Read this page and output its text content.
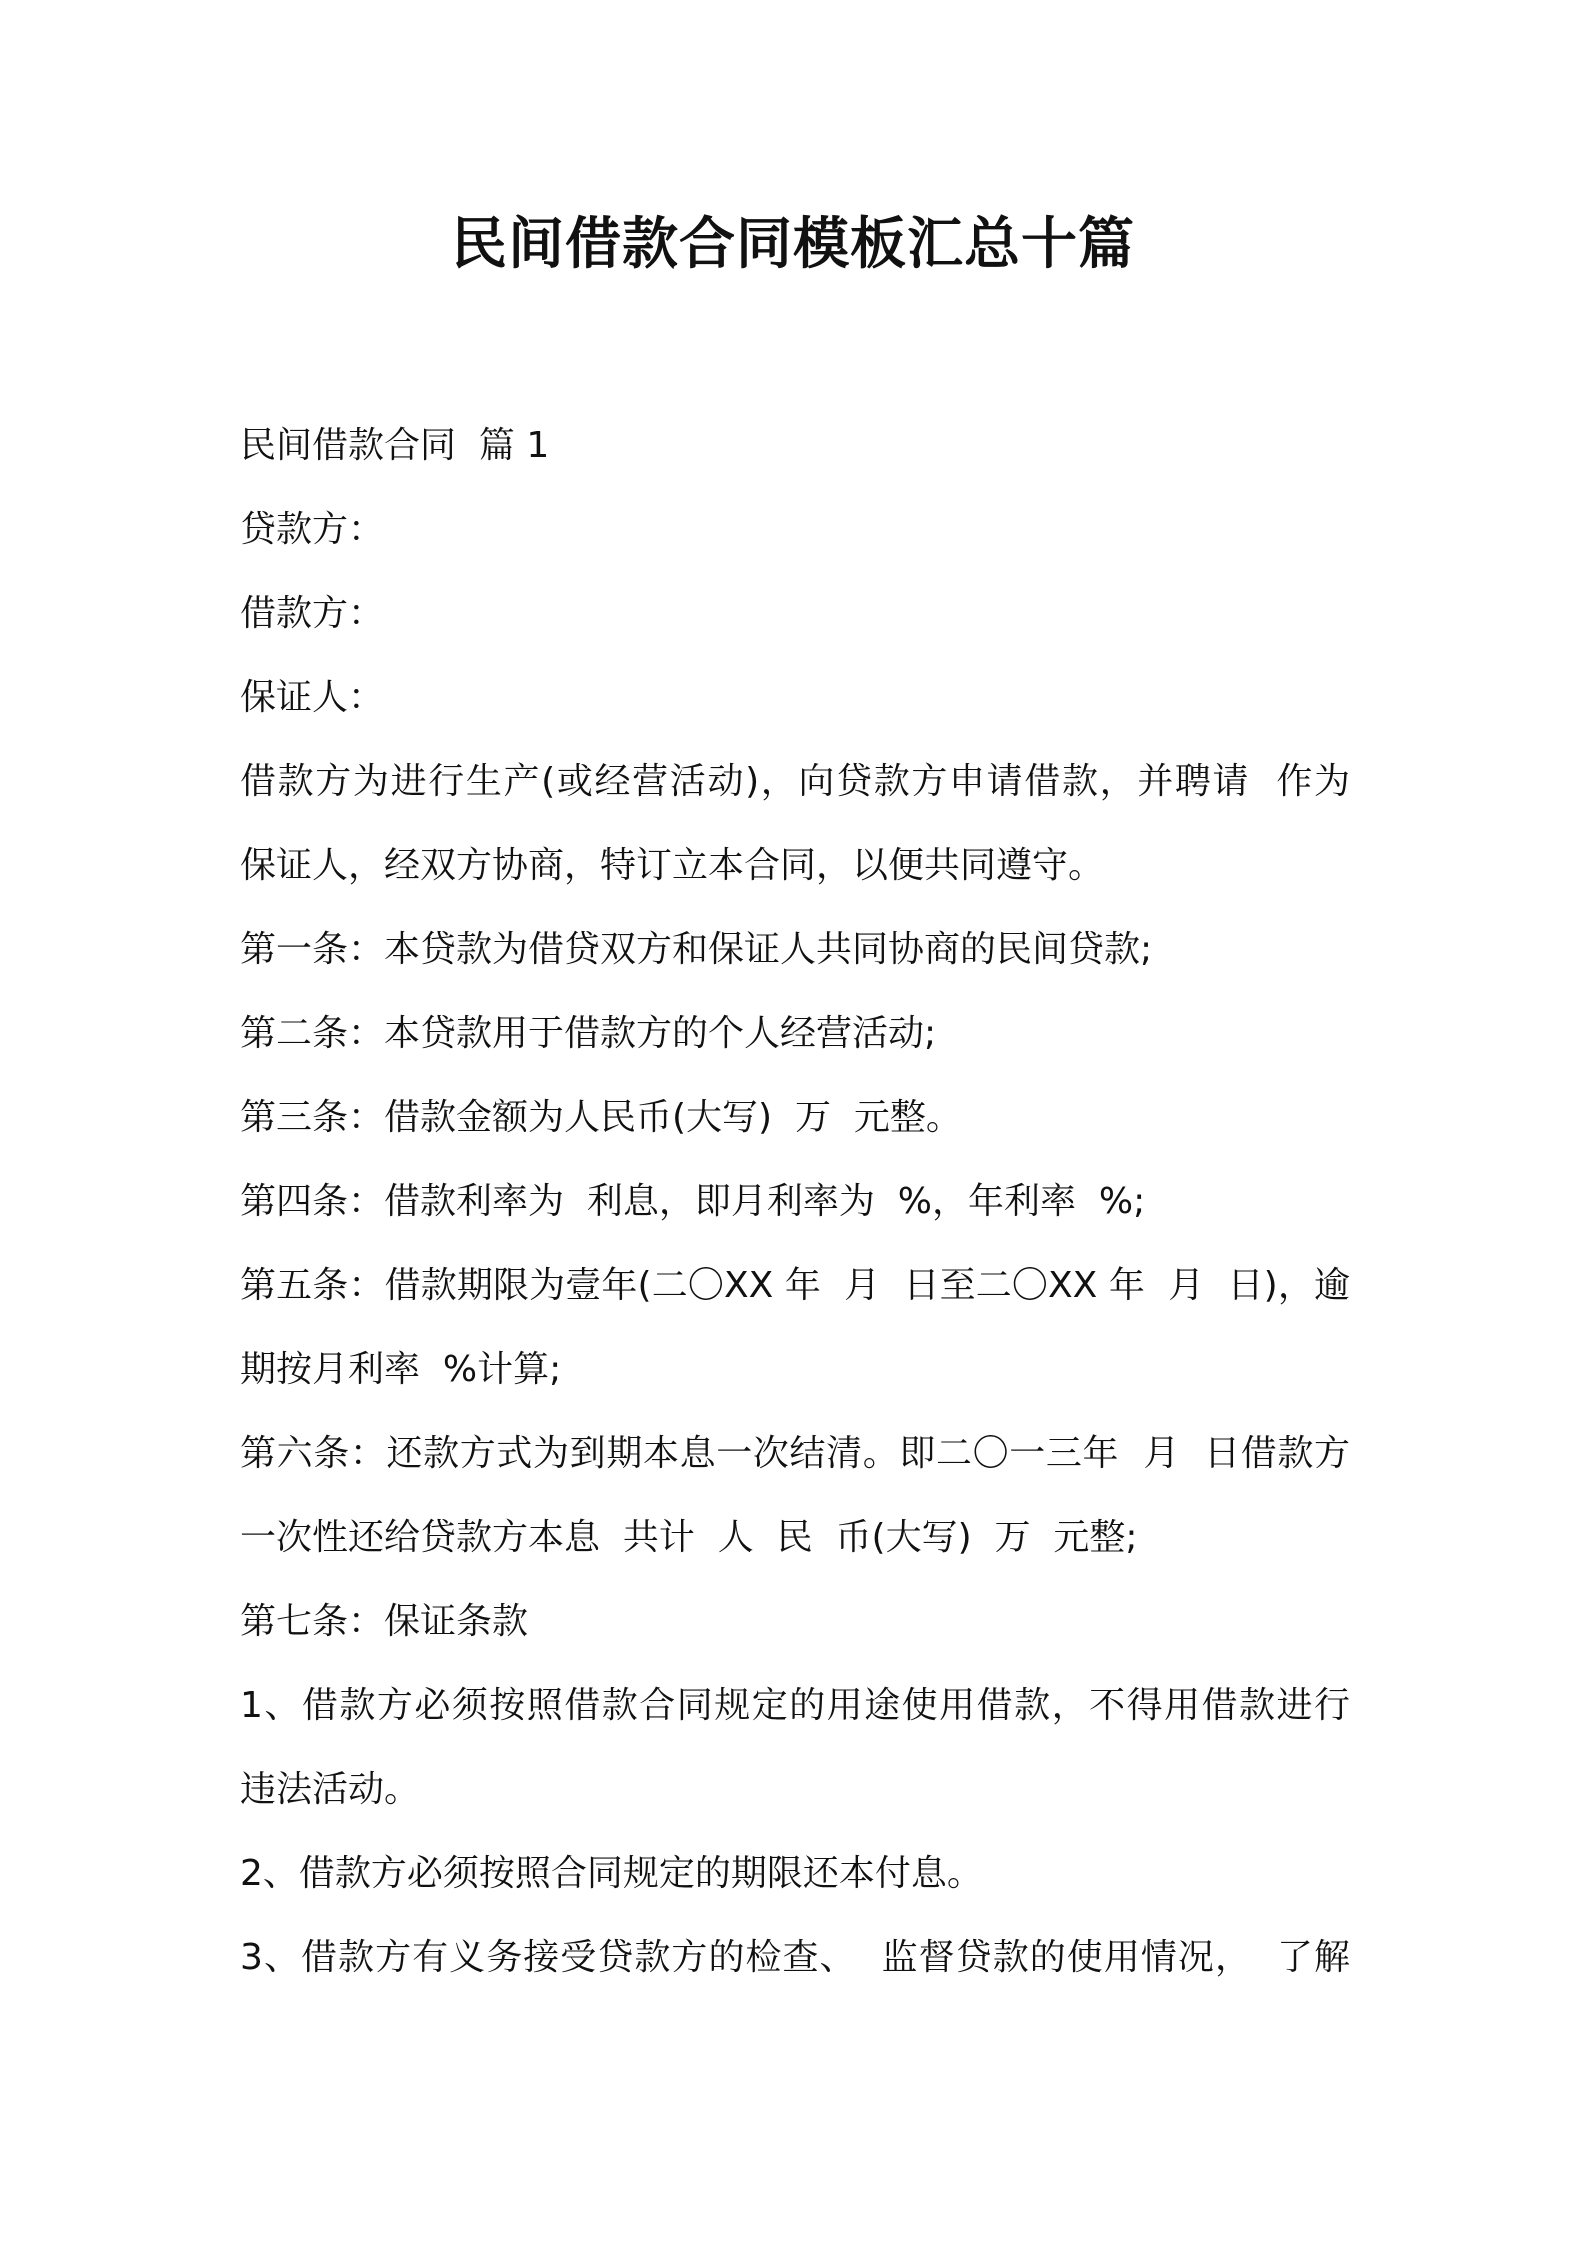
民间借款合同模板汇总十篇
民间借款合同  篇 1
贷款方：
借款方：
保证人：
借款方为进行生产(或经营活动)，向贷款方申请借款，并聘请  作为
保证人，经双方协商，特订立本合同，以便共同遵守。
第一条：本贷款为借贷双方和保证人共同协商的民间贷款;
第二条：本贷款用于借款方的个人经营活动;
第三条：借款金额为人民币(大写)  万  元整。
第四条：借款利率为  利息，即月利率为  %，年利率  %;
第五条：借款期限为壹年(二〇XX 年  月  日至二〇XX 年  月  日)，逾
期按月利率  %计算;
第六条：还款方式为到期本息一次结清。即二〇一三年  月  日借款方
一次性还给贷款方本息  共计  人  民  币(大写)  万  元整;
第七条：保证条款
1、借款方必须按照借款合同规定的用途使用借款，不得用借款进行
违法活动。
2、借款方必须按照合同规定的期限还本付息。
3、借款方有义务接受贷款方的检查、  监督贷款的使用情况，  了解
